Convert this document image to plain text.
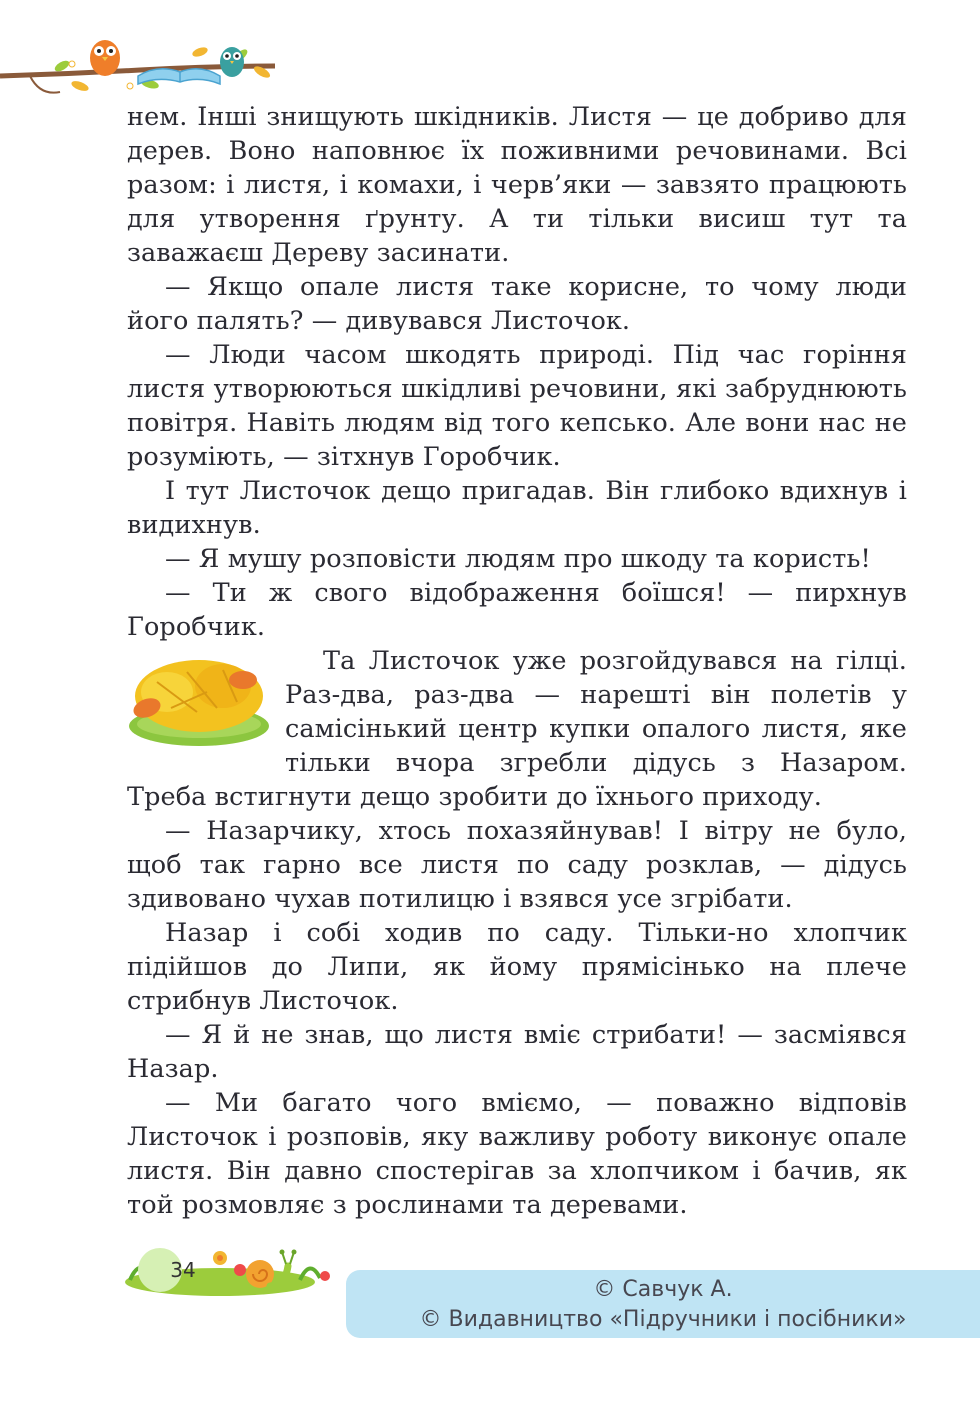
нем. Інші знищують шкідників. Листя — це добриво для дерев. Воно наповнює їх поживними речовинами. Всі разом: і листя, і комахи, і черв’яки — завзято працюють для утворення ґрунту. А ти тільки висиш тут та заважаєш Дереву засинати.

— Якщо опале листя таке корисне, то чому люди його палять? — дивувався Листочок.

— Люди часом шкодять природі. Під час горіння листя утворюються шкідливі речовини, які забруднюють повітря. Навіть людям від того кепсько. Але вони нас не розуміють, — зітхнув Горобчик.

І тут Листочок дещо пригадав. Він глибоко вдихнув і видихнув.

— Я мушу розповісти людям про шкоду та користь!

— Ти ж свого відображення боїшся! — пирхнув Горобчик.

Та Листочок уже розгойдувався на гілці. Раз-два, раз-два — нарешті він полетів у самісінький центр купки опалого листя, яке тільки вчора згребли дідусь з Назаром. Треба встигнути дещо зробити до їхнього приходу.

— Назарчику, хтось похазяйнував! І вітру не було, щоб так гарно все листя по саду розклав, — дідусь здивовано чухав потилицю і взявся усе згрібати.

Назар і собі ходив по саду. Тільки-но хлопчик підійшов до Липи, як йому прямісінько на плече стрибнув Листочок.

— Я й не знав, що листя вміє стрибати! — засміявся Назар.

— Ми багато чого вміємо, — поважно відповів Листочок і розповів, яку важливу роботу виконує опале листя. Він давно спостерігав за хлопчиком і бачив, як той розмовляє з рослинами та деревами.

34
© Савчук А.
© Видавництво «Підручники і посібники»
